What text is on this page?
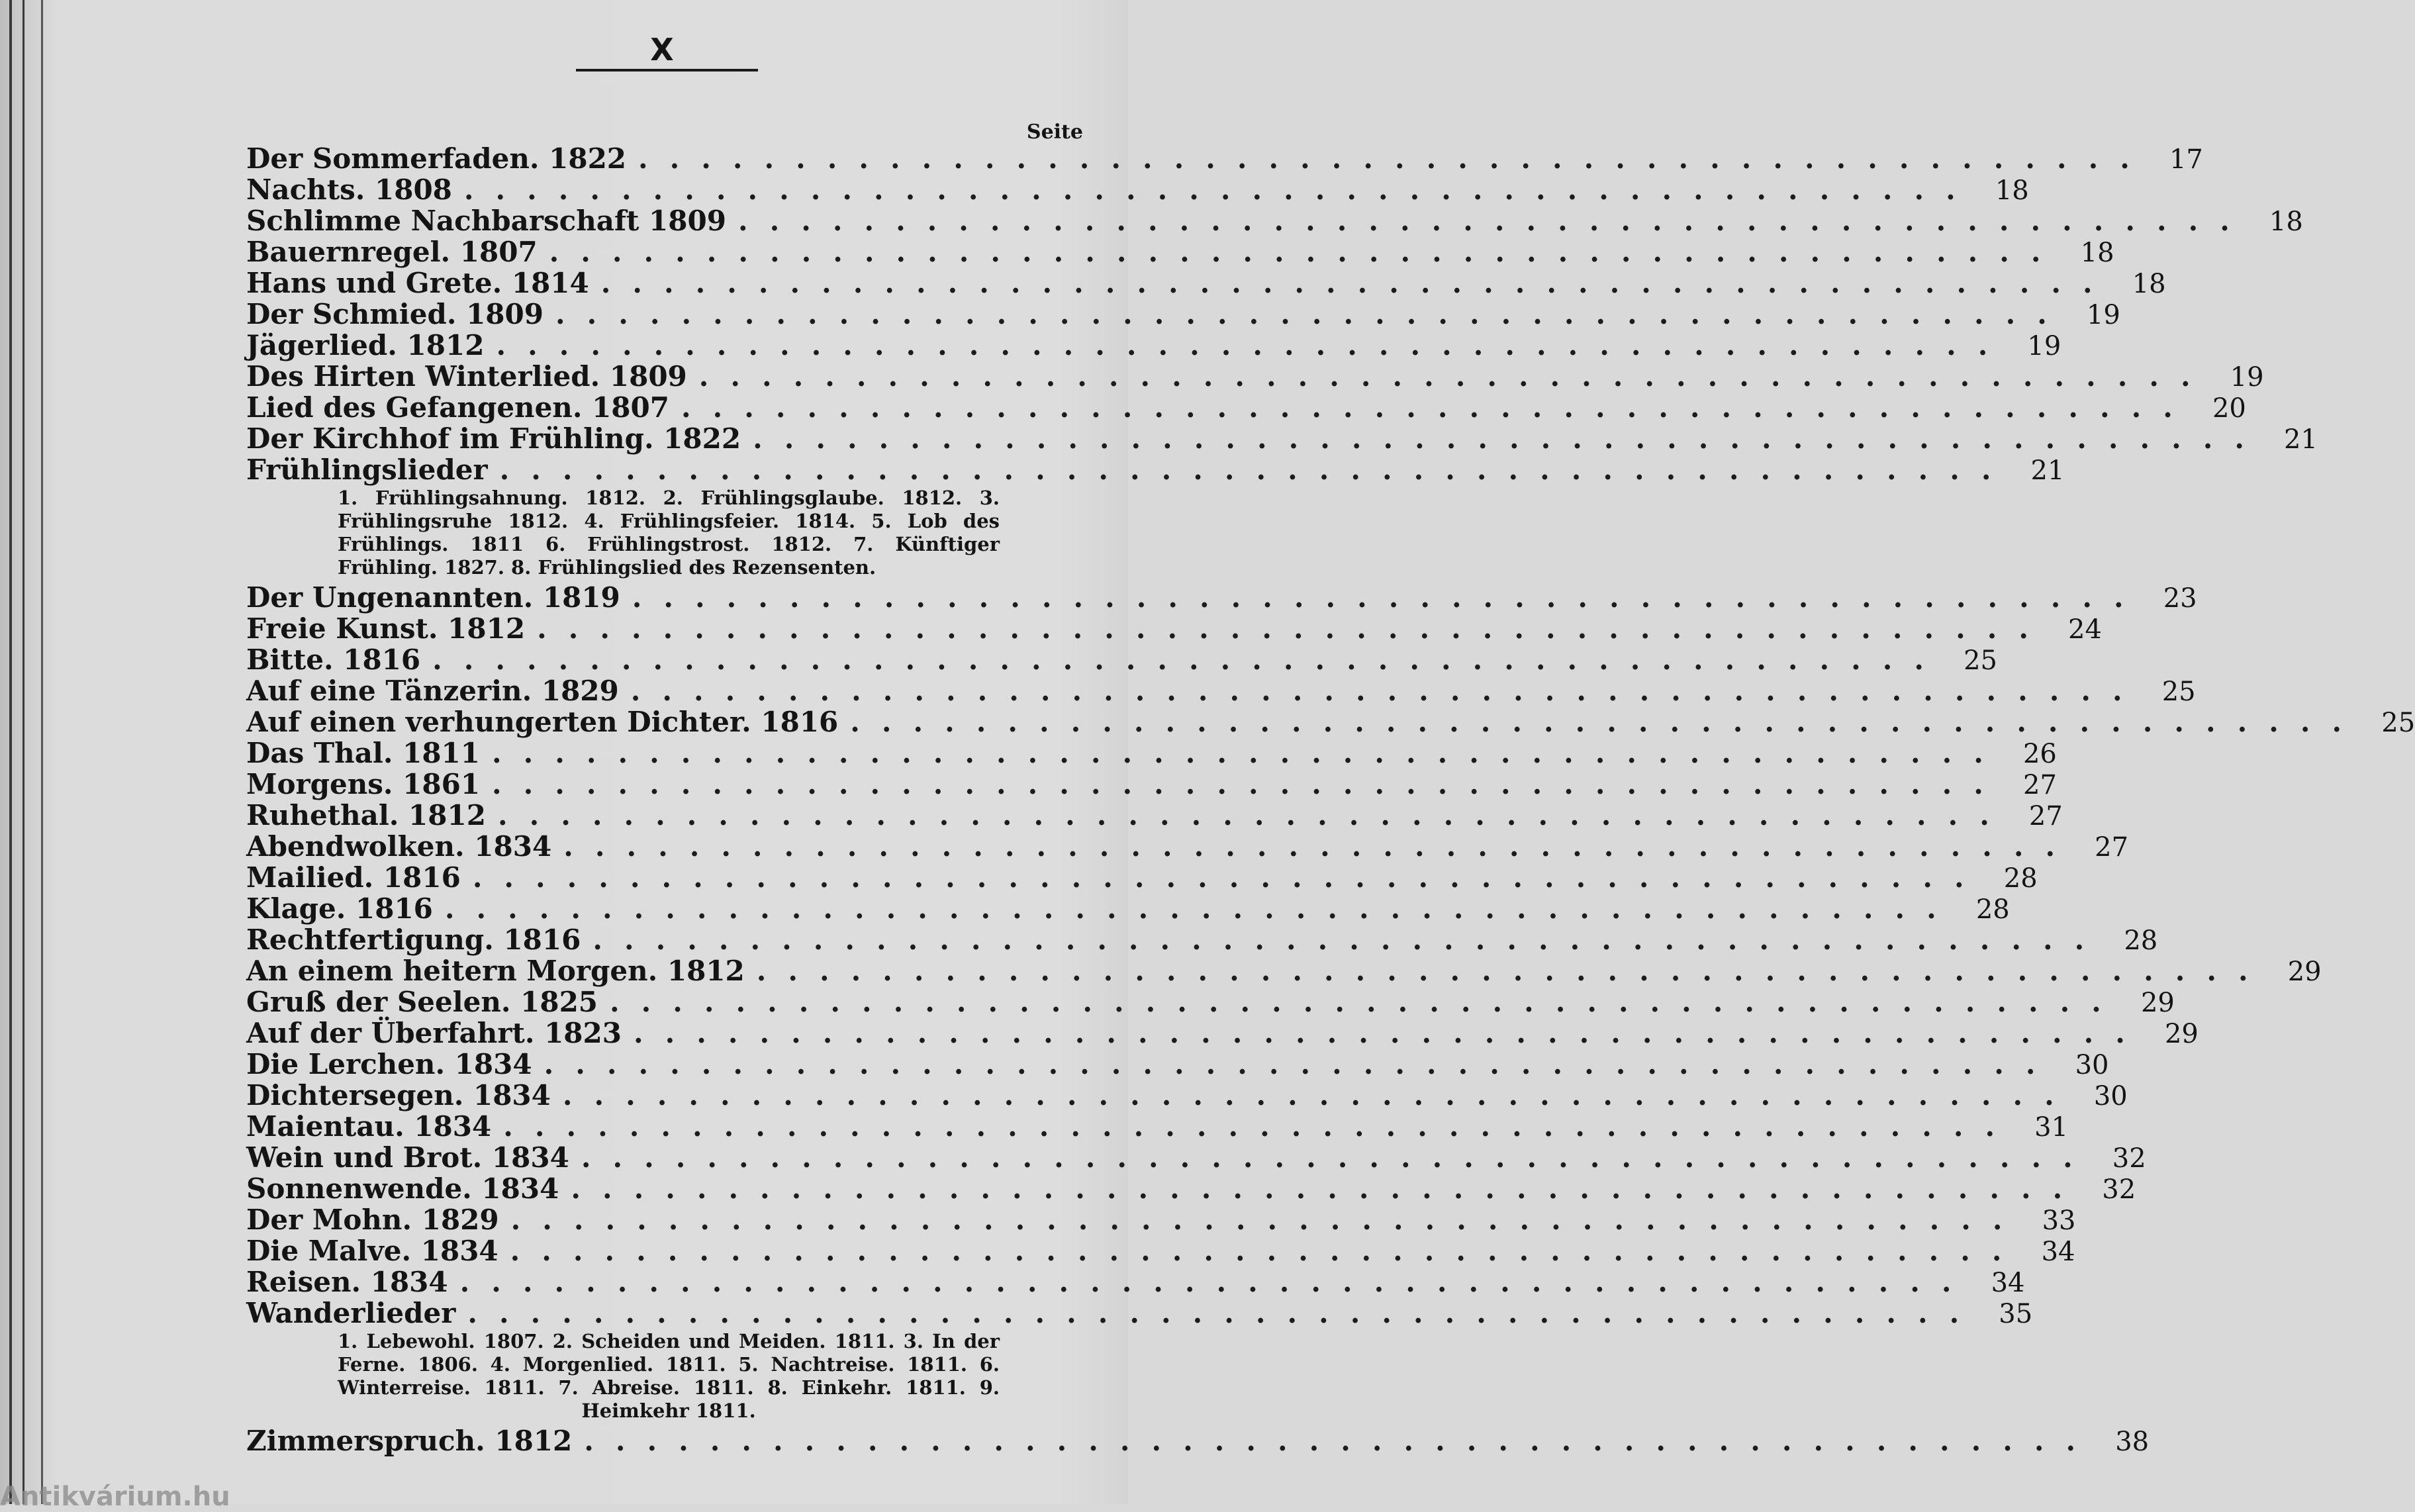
X
Seite
Der Sommerfaden. 1822 ................................................ 17
Nachts. 1808 ................................................ 18
Schlimme Nachbarschaft 1809 ................................................ 18
Bauernregel. 1807 ................................................ 18
Hans und Grete. 1814 ................................................ 18
Der Schmied. 1809 ................................................ 19
Jägerlied. 1812 ................................................ 19
Des Hirten Winterlied. 1809 ................................................ 19
Lied des Gefangenen. 1807 ................................................ 20
Der Kirchhof im Frühling. 1822 ................................................ 21
Frühlingslieder ................................................ 21
1. Frühlingsahnung. 1812. 2. Frühlingsglaube. 1812. 3. Frühlingsruhe 1812. 4. Frühlingsfeier. 1814. 5. Lob des Frühlings. 1811 6. Frühlingstrost. 1812. 7. Künftiger Frühling. 1827. 8. Frühlingslied des Rezensenten.
Der Ungenannten. 1819 ................................................ 23
Freie Kunst. 1812 ................................................ 24
Bitte. 1816 ................................................ 25
Auf eine Tänzerin. 1829 ................................................ 25
Auf einen verhungerten Dichter. 1816 ................................................ 25
Das Thal. 1811 ................................................ 26
Morgens. 1861 ................................................ 27
Ruhethal. 1812 ................................................ 27
Abendwolken. 1834 ................................................ 27
Mailied. 1816 ................................................ 28
Klage. 1816 ................................................ 28
Rechtfertigung. 1816 ................................................ 28
An einem heitern Morgen. 1812 ................................................ 29
Gruß der Seelen. 1825 ................................................ 29
Auf der Überfahrt. 1823 ................................................ 29
Die Lerchen. 1834 ................................................ 30
Dichtersegen. 1834 ................................................ 30
Maientau. 1834 ................................................ 31
Wein und Brot. 1834 ................................................ 32
Sonnenwende. 1834 ................................................ 32
Der Mohn. 1829 ................................................ 33
Die Malve. 1834 ................................................ 34
Reisen. 1834 ................................................ 34
Wanderlieder ................................................ 35
1. Lebewohl. 1807. 2. Scheiden und Meiden. 1811. 3. In der Ferne. 1806. 4. Morgenlied. 1811. 5. Nachtreise. 1811. 6. Winterreise. 1811. 7. Abreise. 1811. 8. Einkehr. 1811. 9. Heimkehr 1811.
Zimmerspruch. 1812 ................................................ 38
Antikvárium.hu
